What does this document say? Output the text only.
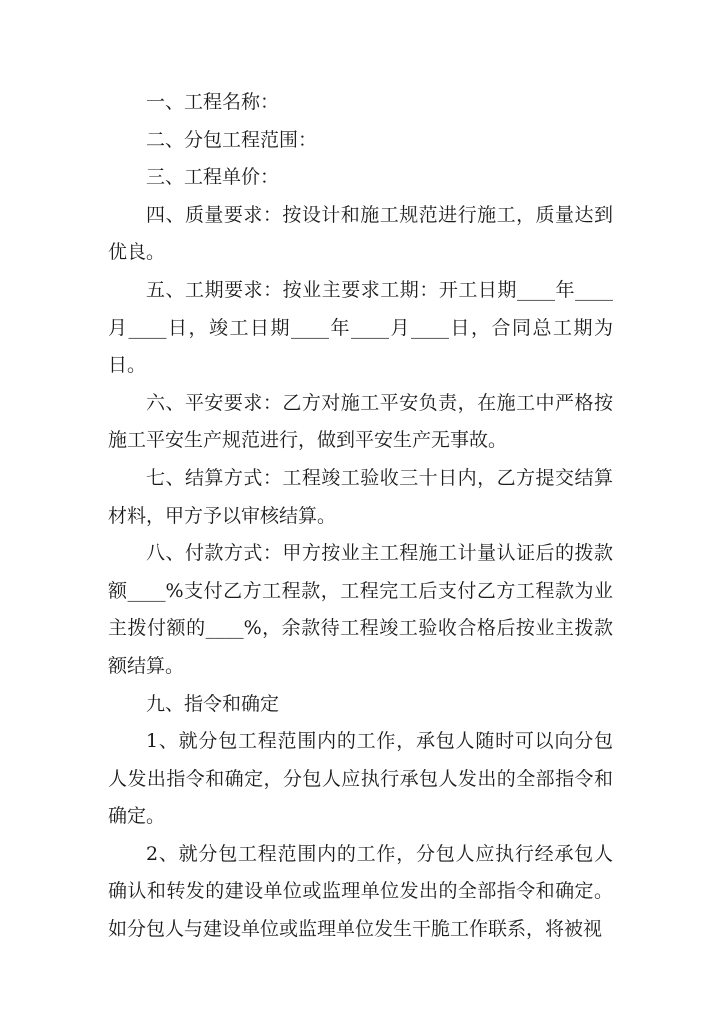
一、工程名称：

二、分包工程范围：

三、工程单价：

四、质量要求：按设计和施工规范进行施工，质量达到优良。

五、工期要求：按业主要求工期：开工日期____年____月____日，竣工日期____年____月____日，合同总工期为日。

六、平安要求：乙方对施工平安负责，在施工中严格按施工平安生产规范进行，做到平安生产无事故。

七、结算方式：工程竣工验收三十日内，乙方提交结算材料，甲方予以审核结算。

八、付款方式：甲方按业主工程施工计量认证后的拨款额____%支付乙方工程款，工程完工后支付乙方工程款为业主拨付额的____%，余款待工程竣工验收合格后按业主拨款额结算。

九、指令和确定

1、就分包工程范围内的工作，承包人随时可以向分包人发出指令和确定，分包人应执行承包人发出的全部指令和确定。

2、就分包工程范围内的工作，分包人应执行经承包人确认和转发的建设单位或监理单位发出的全部指令和确定。如分包人与建设单位或监理单位发生干脆工作联系，将被视
